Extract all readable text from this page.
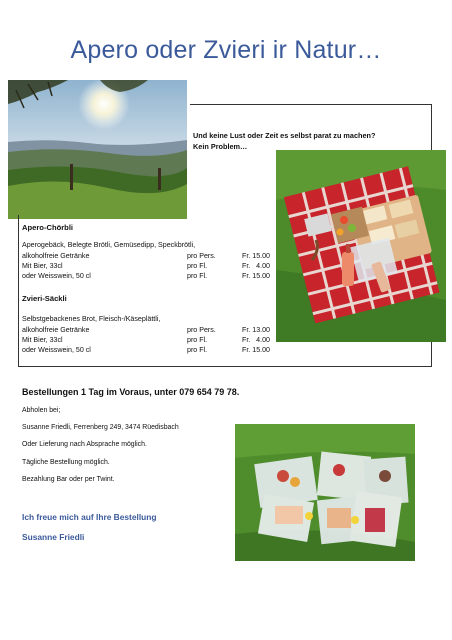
Apero oder Zvieri ir Natur…
Und keine Lust oder Zeit es selbst parat zu machen?
Kein Problem…
Apero-Chörbli
Aperogebäck, Belegte Brötli, Gemüsedipp, Speckbrötli,
alkoholfreie Getränke	pro Pers.	Fr. 15.00
Mit Bier, 33cl	pro Fl.	Fr.   4.00
oder Weisswein, 50 cl	pro Fl.	Fr. 15.00
Zvieri-Säckli
Selbstgebackenes Brot, Fleisch-/Käseplättli,
alkoholfreie Getränke	pro Pers.	Fr. 13.00
Mit Bier, 33cl	pro Fl.	Fr.   4.00
oder Weisswein, 50 cl	pro Fl.	Fr. 15.00
Bestellungen 1 Tag im Voraus, unter 079 654 79 78.
Abholen bei;
Susanne Friedli, Ferrenberg 249, 3474 Rüedisbach
Oder Lieferung nach Absprache möglich.
Tägliche Bestellung möglich.
Bezahlung Bar oder per Twint.
Ich freue mich auf Ihre Bestellung
Susanne Friedli
